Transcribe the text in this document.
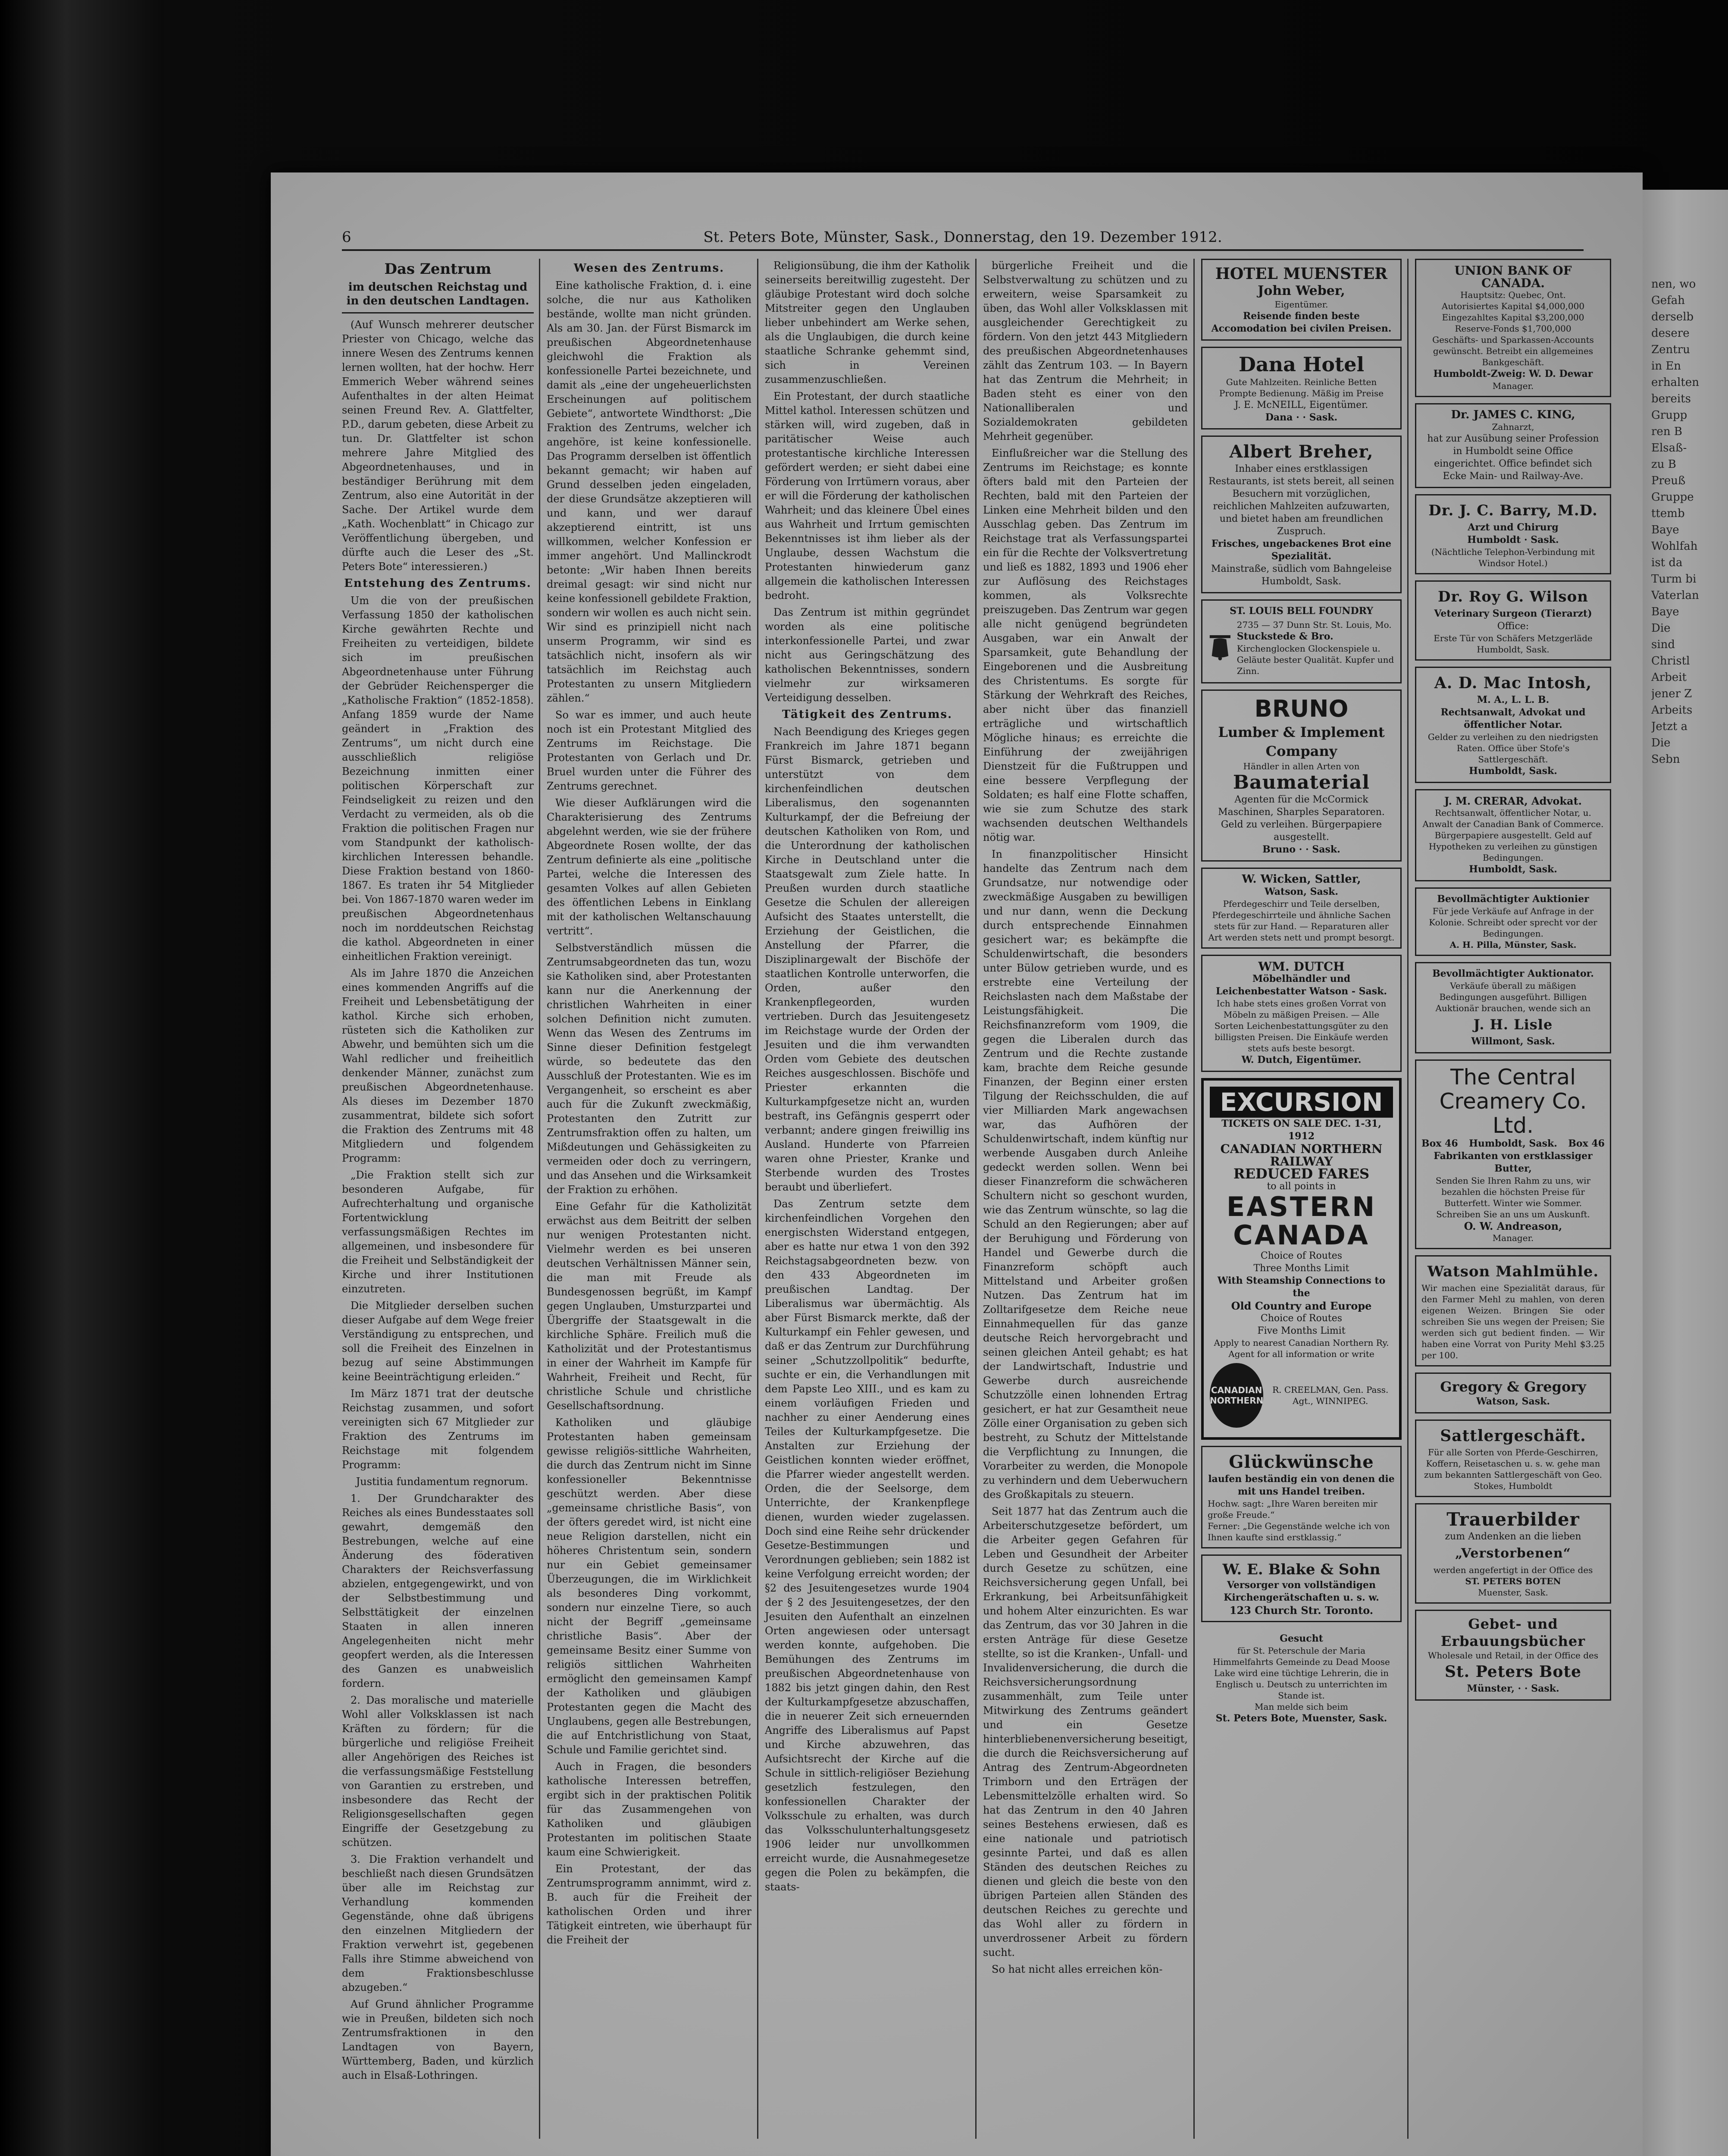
6	St. Peters Bote, Münster, Sask., Donnerstag, den 19. Dezember 1912.
Das Zentrum
im deutschen Reichstag und in den deutschen Landtagen.

(Auf Wunsch mehrerer deutscher Priester von Chicago, welche das innere Wesen des Zentrums kennen lernen wollten, hat der hochw. Herr Emmerich Weber während seines Aufenthaltes in der alten Heimat seinen Freund Rev. A. Glattfelter, P.D., darum gebeten, diese Arbeit zu tun. Dr. Glattfelter ist schon mehrere Jahre Mitglied des Abgeordnetenhauses, und in beständiger Berührung mit dem Zentrum, also eine Autorität in der Sache. Der Artikel wurde dem „Kath. Wochenblatt“ in Chicago zur Veröffentlichung übergeben, und dürfte auch die Leser des „St. Peters Bote“ interessieren.)

Entstehung des Zentrums.

Um die von der preußischen Verfassung 1850 der katholischen Kirche gewährten Rechte und Freiheiten zu verteidigen, bildete sich im preußischen Abgeordnetenhause unter Führung der Gebrüder Reichensperger die „Katholische Fraktion“ (1852-1858). Anfang 1859 wurde der Name geändert in „Fraktion des Zentrums“, um nicht durch eine ausschließlich religiöse Bezeichnung inmitten einer politischen Körperschaft zur Feindseligkeit zu reizen und den Verdacht zu vermeiden, als ob die Fraktion die politischen Fragen nur vom Standpunkt der katholisch-kirchlichen Interessen behandle. Diese Fraktion bestand von 1860-1867. Es traten ihr 54 Mitglieder bei. Von 1867-1870 waren weder im preußischen Abgeordnetenhaus noch im norddeutschen Reichstag die kathol. Abgeordneten in einer einheitlichen Fraktion vereinigt.

Als im Jahre 1870 die Anzeichen eines kommenden Angriffs auf die Freiheit und Lebensbetätigung der kathol. Kirche sich erhoben, rüsteten sich die Katholiken zur Abwehr, und bemühten sich um die Wahl redlicher und freiheitlich denkender Männer, zunächst zum preußischen Abgeordnetenhause. Als dieses im Dezember 1870 zusammentrat, bildete sich sofort die Fraktion des Zentrums mit 48 Mitgliedern und folgendem Programm:

„Die Fraktion stellt sich zur besonderen Aufgabe, für Aufrechterhaltung und organische Fortentwicklung verfassungsmäßigen Rechtes im allgemeinen, und insbesondere für die Freiheit und Selbständigkeit der Kirche und ihrer Institutionen einzutreten.

Die Mitglieder derselben suchen dieser Aufgabe auf dem Wege freier Verständigung zu entsprechen, und soll die Freiheit des Einzelnen in bezug auf seine Abstimmungen keine Beeinträchtigung erleiden.“

Im März 1871 trat der deutsche Reichstag zusammen, und sofort vereinigten sich 67 Mitglieder zur Fraktion des Zentrums im Reichstage mit folgendem Programm:

Justitia fundamentum regnorum.

1. Der Grundcharakter des Reiches als eines Bundesstaates soll gewahrt, demgemäß den Bestrebungen, welche auf eine Änderung des föderativen Charakters der Reichsverfassung abzielen, entgegengewirkt, und von der Selbstbestimmung und Selbsttätigkeit der einzelnen Staaten in allen inneren Angelegenheiten nicht mehr geopfert werden, als die Interessen des Ganzen es unabweislich fordern.

2. Das moralische und materielle Wohl aller Volksklassen ist nach Kräften zu fördern; für die bürgerliche und religiöse Freiheit aller Angehörigen des Reiches ist die verfassungsmäßige Feststellung von Garantien zu erstreben, und insbesondere das Recht der Religionsgesellschaften gegen Eingriffe der Gesetzgebung zu schützen.

3. Die Fraktion verhandelt und beschließt nach diesen Grundsätzen über alle im Reichstag zur Verhandlung kommenden Gegenstände, ohne daß übrigens den einzelnen Mitgliedern der Fraktion verwehrt ist, gegebenen Falls ihre Stimme abweichend von dem Fraktionsbeschlusse abzugeben.“

Auf Grund ähnlicher Programme wie in Preußen, bildeten sich noch Zentrumsfraktionen in den Landtagen von Bayern, Württemberg, Baden, und kürzlich auch in Elsaß-Lothringen.

Wesen des Zentrums.

Eine katholische Fraktion, d. i. eine solche, die nur aus Katholiken bestände, wollte man nicht gründen. Als am 30. Jan. der Fürst Bismarck im preußischen Abgeordnetenhause gleichwohl die Fraktion als konfessionelle Partei bezeichnete, und damit als „eine der ungeheuerlichsten Erscheinungen auf politischem Gebiete“, antwortete Windthorst: „Die Fraktion des Zentrums, welcher ich angehöre, ist keine konfessionelle. Das Programm derselben ist öffentlich bekannt gemacht; wir haben auf Grund desselben jeden eingeladen, der diese Grundsätze akzeptieren will und kann, und wer darauf akzeptierend eintritt, ist uns willkommen, welcher Konfession er immer angehört. Und Mallinckrodt betonte: „Wir haben Ihnen bereits dreimal gesagt: wir sind nicht nur keine konfessionell gebildete Fraktion, sondern wir wollen es auch nicht sein. Wir sind es prinzipiell nicht nach unserm Programm, wir sind es tatsächlich nicht, insofern als wir tatsächlich im Reichstag auch Protestanten zu unsern Mitgliedern zählen.“

So war es immer, und auch heute noch ist ein Protestant Mitglied des Zentrums im Reichstage. Die Protestanten von Gerlach und Dr. Bruel wurden unter die Führer des Zentrums gerechnet.

Wie dieser Aufklärungen wird die Charakterisierung des Zentrums abgelehnt werden, wie sie der frühere Abgeordnete Rosen wollte, der das Zentrum definierte als eine „politische Partei, welche die Interessen des gesamten Volkes auf allen Gebieten des öffentlichen Lebens in Einklang mit der katholischen Weltanschauung vertritt“.

Selbstverständlich müssen die Zentrumsabgeordneten das tun, wozu sie Katholiken sind, aber Protestanten kann nur die Anerkennung der christlichen Wahrheiten in einer solchen Definition nicht zumuten. Wenn das Wesen des Zentrums im Sinne dieser Definition festgelegt würde, so bedeutete das den Ausschluß der Protestanten. Wie es im Vergangenheit, so erscheint es aber auch für die Zukunft zweckmäßig, Protestanten den Zutritt zur Zentrumsfraktion offen zu halten, um Mißdeutungen und Gehässigkeiten zu vermeiden oder doch zu verringern, und das Ansehen und die Wirksamkeit der Fraktion zu erhöhen.

Eine Gefahr für die Katholizität erwächst aus dem Beitritt der selben nur wenigen Protestanten nicht. Vielmehr werden es bei unseren deutschen Verhältnissen Männer sein, die man mit Freude als Bundesgenossen begrüßt, im Kampf gegen Unglauben, Umsturzpartei und Übergriffe der Staatsgewalt in die kirchliche Sphäre. Freilich muß die Katholizität und der Protestantismus in einer der Wahrheit im Kampfe für Wahrheit, Freiheit und Recht, für christliche Schule und christliche Gesellschaftsordnung.

Katholiken und gläubige Protestanten haben gemeinsam gewisse religiös-sittliche Wahrheiten, die durch das Zentrum nicht im Sinne konfessioneller Bekenntnisse geschützt werden. Aber diese „gemeinsame christliche Basis“, von der öfters geredet wird, ist nicht eine neue Religion darstellen, nicht ein höheres Christentum sein, sondern nur ein Gebiet gemeinsamer Überzeugungen, die im Wirklichkeit als besonderes Ding vorkommt, sondern nur einzelne Tiere, so auch nicht der Begriff „gemeinsame christliche Basis“. Aber der gemeinsame Besitz einer Summe von religiös sittlichen Wahrheiten ermöglicht den gemeinsamen Kampf der Katholiken und gläubigen Protestanten gegen die Macht des Unglaubens, gegen alle Bestrebungen, die auf Entchristlichung von Staat, Schule und Familie gerichtet sind.

Auch in Fragen, die besonders katholische Interessen betreffen, ergibt sich in der praktischen Politik für das Zusammengehen von Katholiken und gläubigen Protestanten im politischen Staate kaum eine Schwierigkeit.

Ein Protestant, der das Zentrumsprogramm annimmt, wird z. B. auch für die Freiheit der katholischen Orden und ihrer Tätigkeit eintreten, wie überhaupt für die Freiheit der

Religionsübung, die ihm der Katholik seinerseits bereitwillig zugesteht. Der gläubige Protestant wird doch solche Mitstreiter gegen den Unglauben lieber unbehindert am Werke sehen, als die Unglaubigen, die durch keine staatliche Schranke gehemmt sind, sich in Vereinen zusammenzuschließen.

Ein Protestant, der durch staatliche Mittel kathol. Interessen schützen und stärken will, wird zugeben, daß in paritätischer Weise auch protestantische kirchliche Interessen gefördert werden; er sieht dabei eine Förderung von Irrtümern voraus, aber er will die Förderung der katholischen Wahrheit; und das kleinere Übel eines aus Wahrheit und Irrtum gemischten Bekenntnisses ist ihm lieber als der Unglaube, dessen Wachstum die Protestanten hinwiederum ganz allgemein die katholischen Interessen bedroht.

Das Zentrum ist mithin gegründet worden als eine politische interkonfessionelle Partei, und zwar nicht aus Geringschätzung des katholischen Bekenntnisses, sondern vielmehr zur wirksameren Verteidigung desselben.

Tätigkeit des Zentrums.

Nach Beendigung des Krieges gegen Frankreich im Jahre 1871 begann Fürst Bismarck, getrieben und unterstützt von dem kirchenfeindlichen deutschen Liberalismus, den sogenannten Kulturkampf, der die Befreiung der deutschen Katholiken von Rom, und die Unterordnung der katholischen Kirche in Deutschland unter die Staatsgewalt zum Ziele hatte. In Preußen wurden durch staatliche Gesetze die Schulen der allereigen Aufsicht des Staates unterstellt, die Erziehung der Geistlichen, die Anstellung der Pfarrer, die Disziplinargewalt der Bischöfe der staatlichen Kontrolle unterworfen, die Orden, außer den Krankenpflegeorden, wurden vertrieben. Durch das Jesuitengesetz im Reichstage wurde der Orden der Jesuiten und die ihm verwandten Orden vom Gebiete des deutschen Reiches ausgeschlossen. Bischöfe und Priester erkannten die Kulturkampfgesetze nicht an, wurden bestraft, ins Gefängnis gesperrt oder verbannt; andere gingen freiwillig ins Ausland. Hunderte von Pfarreien waren ohne Priester, Kranke und Sterbende wurden des Trostes beraubt und überliefert.

Das Zentrum setzte dem kirchenfeindlichen Vorgehen den energischsten Widerstand entgegen, aber es hatte nur etwa 1 von den 392 Reichstagsabgeordneten bezw. von den 433 Abgeordneten im preußischen Landtag. Der Liberalismus war übermächtig. Als aber Fürst Bismarck merkte, daß der Kulturkampf ein Fehler gewesen, und daß er das Zentrum zur Durchführung seiner „Schutzzollpolitik“ bedurfte, suchte er ein, die Verhandlungen mit dem Papste Leo XIII., und es kam zu einem vorläufigen Frieden und nachher zu einer Aenderung eines Teiles der Kulturkampfgesetze. Die Anstalten zur Erziehung der Geistlichen konnten wieder eröffnet, die Pfarrer wieder angestellt werden. Orden, die der Seelsorge, dem Unterrichte, der Krankenpflege dienen, wurden wieder zugelassen. Doch sind eine Reihe sehr drückender Gesetze-Bestimmungen und Verordnungen geblieben; sein 1882 ist keine Verfolgung erreicht worden; der §2 des Jesuitengesetzes wurde 1904 der § 2 des Jesuitengesetzes, der den Jesuiten den Aufenthalt an einzelnen Orten angewiesen oder untersagt werden konnte, aufgehoben. Die Bemühungen des Zentrums im preußischen Abgeordnetenhause von 1882 bis jetzt gingen dahin, den Rest der Kulturkampfgesetze abzuschaffen, die in neuerer Zeit sich erneuernden Angriffe des Liberalismus auf Papst und Kirche abzuwehren, das Aufsichtsrecht der Kirche auf die Schule in sittlich-religiöser Beziehung gesetzlich festzulegen, den konfessionellen Charakter der Volksschule zu erhalten, was durch das Volksschulunterhaltungsgesetz 1906 leider nur unvollkommen erreicht wurde, die Ausnahmegesetze gegen die Polen zu bekämpfen, die staats-

bürgerliche Freiheit und die Selbstverwaltung zu schützen und zu erweitern, weise Sparsamkeit zu üben, das Wohl aller Volksklassen mit ausgleichender Gerechtigkeit zu fördern. Von den jetzt 443 Mitgliedern des preußischen Abgeordnetenhauses zählt das Zentrum 103. — In Bayern hat das Zentrum die Mehrheit; in Baden steht es einer von den Nationalliberalen und Sozialdemokraten gebildeten Mehrheit gegenüber.

Einflußreicher war die Stellung des Zentrums im Reichstage; es konnte öfters bald mit den Parteien der Rechten, bald mit den Parteien der Linken eine Mehrheit bilden und den Ausschlag geben. Das Zentrum im Reichstage trat als Verfassungspartei ein für die Rechte der Volksvertretung und ließ es 1882, 1893 und 1906 eher zur Auflösung des Reichstages kommen, als Volksrechte preiszugeben. Das Zentrum war gegen alle nicht genügend begründeten Ausgaben, war ein Anwalt der Sparsamkeit, gute Behandlung der Eingeborenen und die Ausbreitung des Christentums. Es sorgte für Stärkung der Wehrkraft des Reiches, aber nicht über das finanziell erträgliche und wirtschaftlich Mögliche hinaus; es erreichte die Einführung der zweijährigen Dienstzeit für die Fußtruppen und eine bessere Verpflegung der Soldaten; es half eine Flotte schaffen, wie sie zum Schutze des stark wachsenden deutschen Welthandels nötig war.

In finanzpolitischer Hinsicht handelte das Zentrum nach dem Grundsatze, nur notwendige oder zweckmäßige Ausgaben zu bewilligen und nur dann, wenn die Deckung durch entsprechende Einnahmen gesichert war; es bekämpfte die Schuldenwirtschaft, die besonders unter Bülow getrieben wurde, und es erstrebte eine Verteilung der Reichslasten nach dem Maßstabe der Leistungsfähigkeit. Die Reichsfinanzreform vom 1909, die gegen die Liberalen durch das Zentrum und die Rechte zustande kam, brachte dem Reiche gesunde Finanzen, der Beginn einer ersten Tilgung der Reichsschulden, die auf vier Milliarden Mark angewachsen war, das Aufhören der Schuldenwirtschaft, indem künftig nur werbende Ausgaben durch Anleihe gedeckt werden sollen. Wenn bei dieser Finanzreform die schwächeren Schultern nicht so geschont wurden, wie das Zentrum wünschte, so lag die Schuld an den Regierungen; aber auf der Beruhigung und Förderung von Handel und Gewerbe durch die Finanzreform schöpft auch Mittelstand und Arbeiter großen Nutzen. Das Zentrum hat im Zolltarifgesetze dem Reiche neue Einnahmequellen für das ganze deutsche Reich hervorgebracht und seinen gleichen Anteil gehabt; es hat der Landwirtschaft, Industrie und Gewerbe durch ausreichende Schutzzölle einen lohnenden Ertrag gesichert, er hat zur Gesamtheit neue Zölle einer Organisation zu geben sich bestreht, zu Schutz der Mittelstande die Verpflichtung zu Innungen, die Vorarbeiter zu werden, die Monopole zu verhindern und dem Ueberwuchern des Großkapitals zu steuern.

Seit 1877 hat das Zentrum auch die Arbeiterschutzgesetze befördert, um die Arbeiter gegen Gefahren für Leben und Gesundheit der Arbeiter durch Gesetze zu schützen, eine Reichsversicherung gegen Unfall, bei Erkrankung, bei Arbeitsunfähigkeit und hohem Alter einzurichten. Es war das Zentrum, das vor 30 Jahren in die ersten Anträge für diese Gesetze stellte, so ist die Kranken-, Unfall- und Invalidenversicherung, die durch die Reichsversicherungsordnung zusammenhält, zum Teile unter Mitwirkung des Zentrums geändert und ein Gesetze hinterbliebenenversicherung beseitigt, die durch die Reichsversicherung auf Antrag des Zentrum-Abgeordneten Trimborn und den Erträgen der Lebensmittelzölle erhalten wird. So hat das Zentrum in den 40 Jahren seines Bestehens erwiesen, daß es eine nationale und patriotisch gesinnte Partei, und daß es allen Ständen des deutschen Reiches zu dienen und gleich die beste von den übrigen Parteien allen Ständen des deutschen Reiches zu gerechte und das Wohl aller zu fördern in unverdrossener Arbeit zu fördern sucht.

So hat nicht alles erreichen kön-

HOTEL MUENSTER
John Weber,
Eigentümer.
Reisende finden beste Accomodation bei civilen Preisen.
Dana Hotel
Gute Mahlzeiten. Reinliche Betten Prompte Bedienung. Mäßig im Preise
J. E. McNEILL, Eigentümer.
Dana · · Sask.
Albert Breher,
Inhaber eines erstklassigen Restaurants, ist stets bereit, all seinen Besuchern mit vorzüglichen, reichlichen Mahlzeiten aufzuwarten, und bietet haben am freundlichen Zuspruch.
Frisches, ungebackenes Brot eine Spezialität.
Mainstraße, südlich vom Bahngeleise Humboldt, Sask.
ST. LOUIS BELL FOUNDRY
2735 — 37 Dunn Str. St. Louis, Mo.
Stuckstede & Bro.
Kirchenglocken Glockenspiele u. Geläute bester Qualität. Kupfer und Zinn.
BRUNO
Lumber & Implement Company
Händler in allen Arten von
Baumaterial
Agenten für die McCormick Maschinen, Sharples Separatoren. Geld zu verleihen. Bürgerpapiere ausgestellt.
Bruno · · Sask.
W. Wicken, Sattler,
Watson, Sask.
Pferdegeschirr und Teile derselben, Pferdegeschirrteile und ähnliche Sachen stets für zur Hand. — Reparaturen aller Art werden stets nett und prompt besorgt.
WM. DUTCH
Möbelhändler und Leichenbestatter Watson - Sask.
Ich habe stets eines großen Vorrat von Möbeln zu mäßigen Preisen. — Alle Sorten Leichenbestattungsgüter zu den billigsten Preisen. Die Einkäufe werden stets aufs beste besorgt.
W. Dutch, Eigentümer.
EXCURSION
TICKETS ON SALE DEC. 1-31,
1912
CANADIAN NORTHERN RAILWAY
REDUCED FARES
to all points in
EASTERN
CANADA
Choice of Routes
Three Months Limit
With Steamship Connections to the
Old Country and Europe
Choice of Routes
Five Months Limit
Apply to nearest Canadian Northern Ry. Agent for all information or write
CANADIAN NORTHERN
R. CREELMAN, Gen. Pass. Agt., WINNIPEG.
Glückwünsche
laufen beständig ein von denen die mit uns Handel treiben.
Hochw. sagt: „Ihre Waren bereiten mir große Freude.“
Ferner: „Die Gegenstände welche ich von Ihnen kaufte sind erstklassig.“
W. E. Blake & Sohn
Versorger von vollständigen Kirchengerätschaften u. s. w.
123 Church Str. Toronto.
Gesucht
für St. Peterschule der Maria Himmelfahrts Gemeinde zu Dead Moose Lake wird eine tüchtige Lehrerin, die in Englisch u. Deutsch zu unterrichten im Stande ist.
Man melde sich beim
St. Peters Bote, Muenster, Sask.
UNION BANK OF CANADA.
Hauptsitz: Quebec, Ont.
Autorisiertes Kapital $4,000,000
Eingezahltes Kapital $3,200,000
Reserve-Fonds $1,700,000
Geschäfts- und Sparkassen-Accounts gewünscht. Betreibt ein allgemeines Bankgeschäft.
Humboldt-Zweig: W. D. Dewar
Manager.
Dr. JAMES C. KING,
Zahnarzt,
hat zur Ausübung seiner Profession in Humboldt seine Office eingerichtet. Office befindet sich Ecke Main- und Railway-Ave.
Dr. J. C. Barry, M.D.
Arzt und Chirurg
Humboldt · Sask.
(Nächtliche Telephon-Verbindung mit Windsor Hotel.)
Dr. Roy G. Wilson
Veterinary Surgeon (Tierarzt)
Office:
Erste Tür von Schäfers Metzgerläde Humboldt, Sask.
A. D. Mac Intosh,
M. A., L. L. B.
Rechtsanwalt, Advokat und öffentlicher Notar.
Gelder zu verleihen zu den niedrigsten Raten. Office über Stofe's Sattlergeschäft.
Humboldt, Sask.
J. M. CRERAR, Advokat.
Rechtsanwalt, öffentlicher Notar, u. Anwalt der Canadian Bank of Commerce. Bürgerpapiere ausgestellt. Geld auf Hypotheken zu verleihen zu günstigen Bedingungen.
Humboldt, Sask.
Bevollmächtigter Auktionier
Für jede Verkäufe auf Anfrage in der Kolonie. Schreibt oder sprecht vor der Bedingungen.
A. H. Pilla, Münster, Sask.
Bevollmächtigter Auktionator.
Verkäufe überall zu mäßigen Bedingungen ausgeführt. Billigen Auktionär brauchen, wende sich an
J. H. Lisle
Willmont, Sask.
The Central Creamery Co. Ltd.
Box 46 Humboldt, Sask. Box 46
Fabrikanten von erstklassiger Butter,
Senden Sie Ihren Rahm zu uns, wir bezahlen die höchsten Preise für Butterfett. Winter wie Sommer. Schreiben Sie an uns um Auskunft.
O. W. Andreason,
Manager.
Watson Mahlmühle.
Wir machen eine Spezialität daraus, für den Farmer Mehl zu mahlen, von deren eigenen Weizen. Bringen Sie oder schreiben Sie uns wegen der Preisen; Sie werden sich gut bedient finden. — Wir haben eine Vorrat von Purity Mehl $3.25 per 100.
Gregory & Gregory
Watson, Sask.
Sattlergeschäft.
Für alle Sorten von Pferde-Geschirren, Koffern, Reisetaschen u. s. w. gehe man zum bekannten Sattlergeschäft von Geo. Stokes, Humboldt
Trauerbilder
zum Andenken an die lieben
„Verstorbenen“
werden angefertigt in der Office des
ST. PETERS BOTEN
Muenster, Sask.
Gebet- und Erbauungsbücher
Wholesale und Retail, in der Office des
St. Peters Bote
Münster, · · Sask.
nen, wo
Gefah
derselb
desere
Zentru
in En
erhalten
bereits
Grupp
ren B
Elsaß-
zu B
Preuß
Gruppe
ttemb
Baye
Wohlfah
ist da
Turm bi
Vaterlan
Baye
Die
sind
Christl
Arbeit
jener Z
Arbeits
Jetzt a
Die
Sebn
